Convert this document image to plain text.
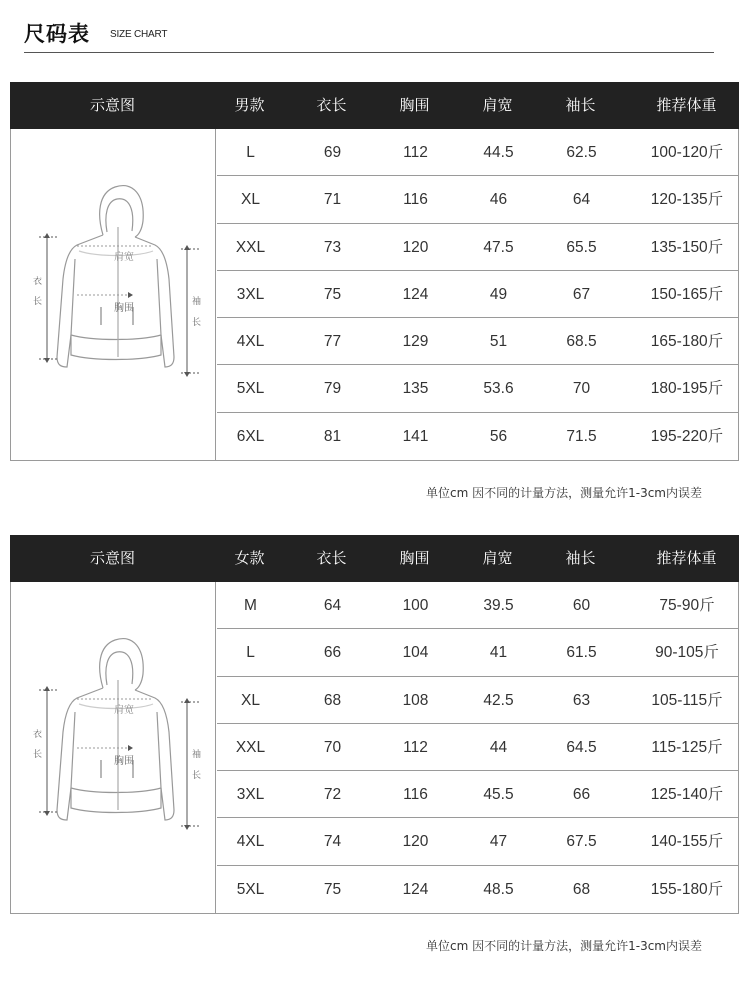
尺码表 SIZE CHART
示意图	男款	衣长	胸围	肩宽	袖长	推荐体重
肩宽
胸围
衣
长	袖
长
L	69	112	44.5	62.5	100-120斤
XL	71	116	46	64	120-135斤
XXL	73	120	47.5	65.5	135-150斤
3XL	75	124	49	67	150-165斤
4XL	77	129	51	68.5	165-180斤
5XL	79	135	53.6	70	180-195斤
6XL	81	141	56	71.5	195-220斤
单位cm 因不同的计量方法，测量允许1-3cm内误差
示意图	女款	衣长	胸围	肩宽	袖长	推荐体重
肩宽
胸围
衣
长	袖
长
M	64	100	39.5	60	75-90斤
L	66	104	41	61.5	90-105斤
XL	68	108	42.5	63	105-115斤
XXL	70	112	44	64.5	115-125斤
3XL	72	116	45.5	66	125-140斤
4XL	74	120	47	67.5	140-155斤
5XL	75	124	48.5	68	155-180斤
单位cm 因不同的计量方法，测量允许1-3cm内误差
